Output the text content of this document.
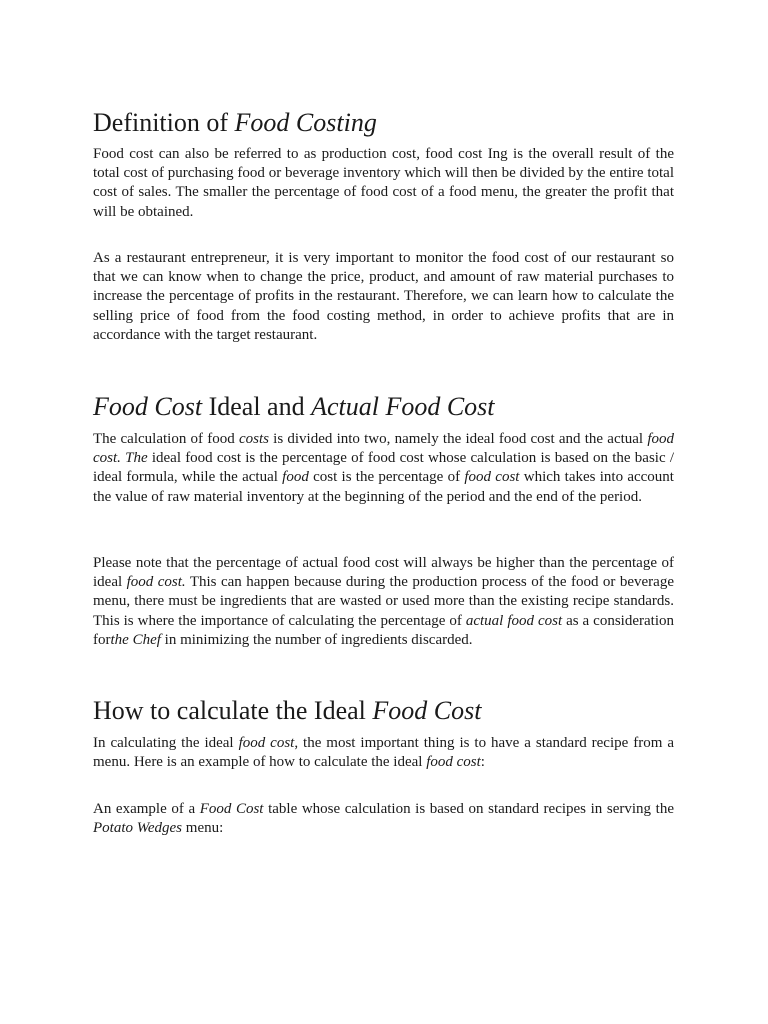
Definition of Food Costing

Food cost can also be referred to as production cost, food cost Ing is the overall result of the total cost of purchasing food or beverage inventory which will then be divided by the entire total cost of sales. The smaller the percentage of food cost of a food menu, the greater the profit that will be obtained.

As a restaurant entrepreneur, it is very important to monitor the food cost of our restaurant so that we can know when to change the price, product, and amount of raw material purchases to increase the percentage of profits in the restaurant. Therefore, we can learn how to calculate the selling price of food from the food costing method, in order to achieve profits that are in accordance with the target restaurant.

Food Cost Ideal and Actual Food Cost

The calculation of food costs is divided into two, namely the ideal food cost and the actual food cost. The ideal food cost is the percentage of food cost whose calculation is based on the basic / ideal formula, while the actual food cost is the percentage of food cost which takes into account the value of raw material inventory at the beginning of the period and the end of the period.

Please note that the percentage of actual food cost will always be higher than the percentage of ideal food cost. This can happen because during the production process of the food or beverage menu, there must be ingredients that are wasted or used more than the existing recipe standards. This is where the importance of calculating the percentage of actual food cost as a consideration forthe Chef in minimizing the number of ingredients discarded.

How to calculate the Ideal Food Cost

In calculating the ideal food cost, the most important thing is to have a standard recipe from a menu. Here is an example of how to calculate the ideal food cost:

An example of a Food Cost table whose calculation is based on standard recipes in serving the Potato Wedges menu:
